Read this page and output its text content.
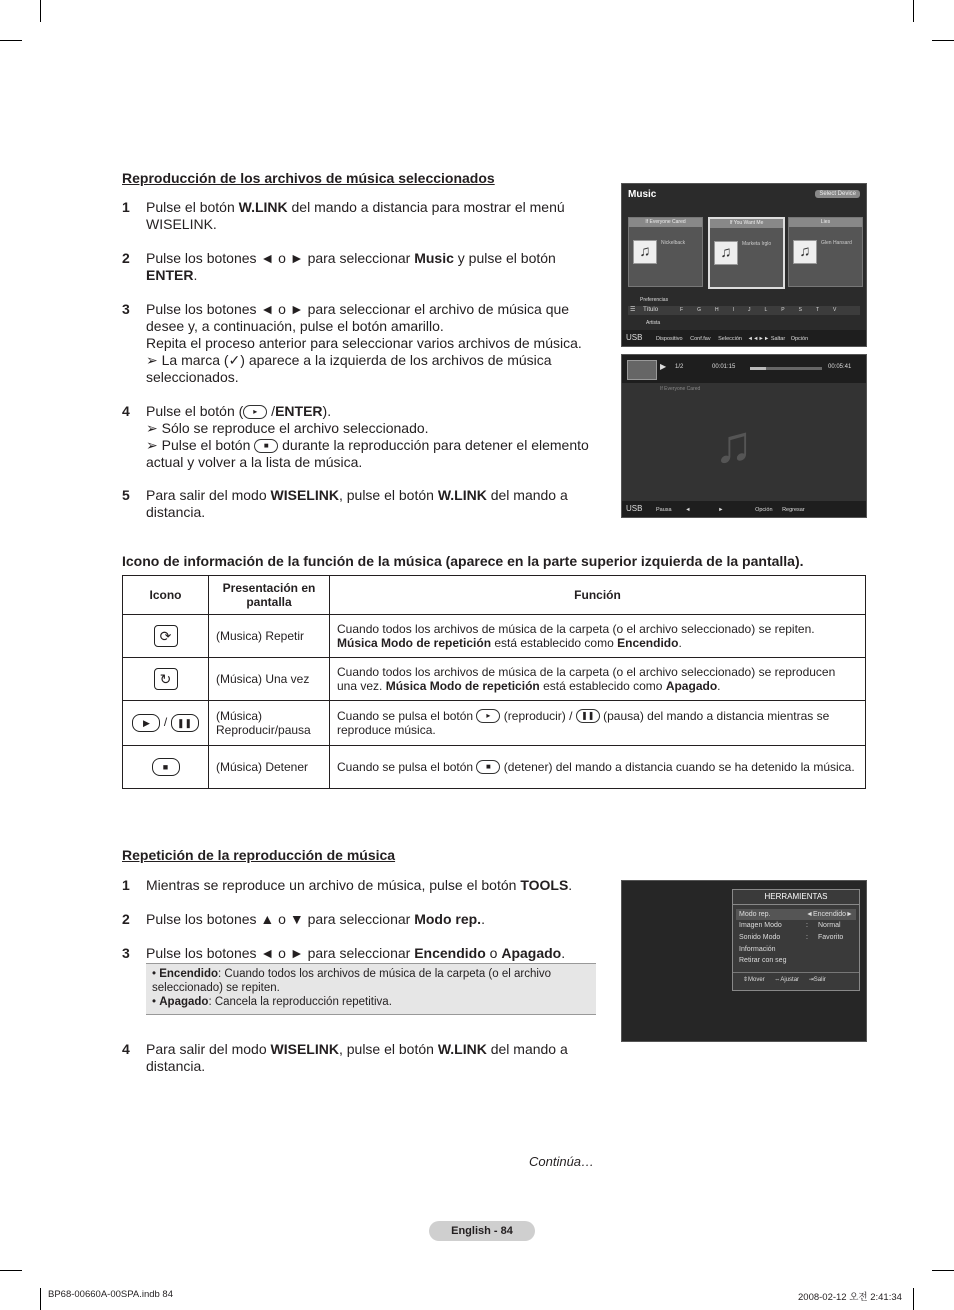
Reproducción de los archivos de música seleccionados
1 Pulse el botón W.LINK del mando a distancia para mostrar el menú WISELINK.
2 Pulse los botones ◄ o ► para seleccionar Music y pulse el botón ENTER.
3 Pulse los botones ◄ o ► para seleccionar el archivo de música que desee y, a continuación, pulse el botón amarillo.
Repita el proceso anterior para seleccionar varios archivos de música.
➢ La marca (✓) aparece a la izquierda de los archivos de música seleccionados.
4 Pulse el botón ( ▸ /ENTER).
➢ Sólo se reproduce el archivo seleccionado.
➢ Pulse el botón ■ durante la reproducción para detener el elemento actual y volver a la lista de música.
5 Para salir del modo WISELINK, pulse el botón W.LINK del mando a distancia.
Music	Select Device
If Everyone Cared
♫	Nickelback
If You Want Me
♫	Marketa Irglo
Lies
♫	Glen Hansard
Preferencias
☰ Título	FGHIJLPSTV
Artista
USB Dispositivo Conf.fav Selección ◄◄►► Saltar Opción
▶ 1/2	00:01:15	00:05:41
If Everyone Cared
♫
USB Pausa ◄	►	Opción Regresar
Icono de información de la función de la música (aparece en la parte superior izquierda de la pantalla).
Icono	Presentación en pantalla	Función
⟳	(Musica) Repetir	Cuando todos los archivos de música de la carpeta (o el archivo seleccionado) se repiten. Música Modo de repetición está establecido como Encendido.
↻	(Música) Una vez	Cuando todos los archivos de música de la carpeta (o el archivo seleccionado) se reproducen una vez. Música Modo de repetición está establecido como Apagado.
▶ / ❚❚	(Música) Reproducir/pausa	Cuando se pulsa el botón ▸ (reproducir) / ❚❚ (pausa) del mando a distancia mientras se reproduce música.
■	(Música) Detener	Cuando se pulsa el botón ■ (detener) del mando a distancia cuando se ha detenido la música.
Repetición de la reproducción de música
1 Mientras se reproduce un archivo de música, pulse el botón TOOLS.
2 Pulse los botones ▲ o ▼ para seleccionar Modo rep..
3 Pulse los botones ◄ o ► para seleccionar Encendido o Apagado.
• Encendido: Cuando todos los archivos de música de la carpeta (o el archivo seleccionado) se repiten.
• Apagado: Cancela la reproducción repetitiva.
4 Para salir del modo WISELINK, pulse el botón W.LINK del mando a distancia.
HERRAMIENTAS
Modo rep.	◄Encendido►
Imagen Modo	: Normal
Sonido Modo	: Favorito
Información
Retirar con seg
⇕Mover ⇔Ajustar ⇥Salir
Continúa…
English - 84
BP68-00660A-00SPA.indb 84	2008-02-12 오전 2:41:34
